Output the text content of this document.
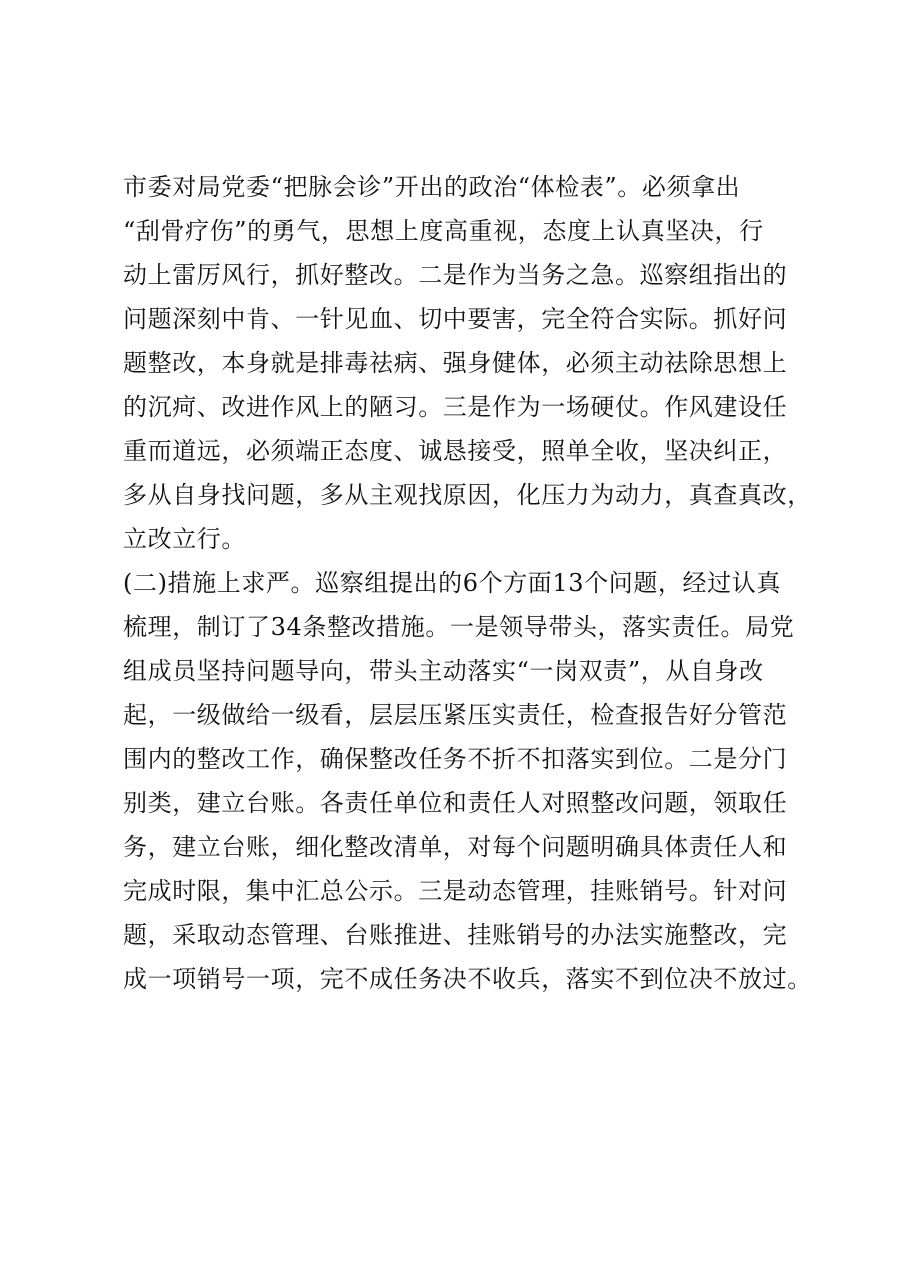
市委对局党委“把脉会诊”开出的政治“体检表”。必须拿出
“刮骨疗伤”的勇气，思想上度高重视，态度上认真坚决，行
动上雷厉风行，抓好整改。二是作为当务之急。巡察组指出的
问题深刻中肯、一针见血、切中要害，完全符合实际。抓好问
题整改，本身就是排毒祛病、强身健体，必须主动祛除思想上
的沉疴、改进作风上的陋习。三是作为一场硬仗。作风建设任
重而道远，必须端正态度、诚恳接受，照单全收，坚决纠正，
多从自身找问题，多从主观找原因，化压力为动力，真查真改，
立改立行。
(二)措施上求严。巡察组提出的6个方面13个问题，经过认真
梳理，制订了34条整改措施。一是领导带头，落实责任。局党
组成员坚持问题导向，带头主动落实“一岗双责”，从自身改
起，一级做给一级看，层层压紧压实责任，检查报告好分管范
围内的整改工作，确保整改任务不折不扣落实到位。二是分门
别类，建立台账。各责任单位和责任人对照整改问题，领取任
务，建立台账，细化整改清单，对每个问题明确具体责任人和
完成时限，集中汇总公示。三是动态管理，挂账销号。针对问
题，采取动态管理、台账推进、挂账销号的办法实施整改，完
成一项销号一项，完不成任务决不收兵，落实不到位决不放过。
